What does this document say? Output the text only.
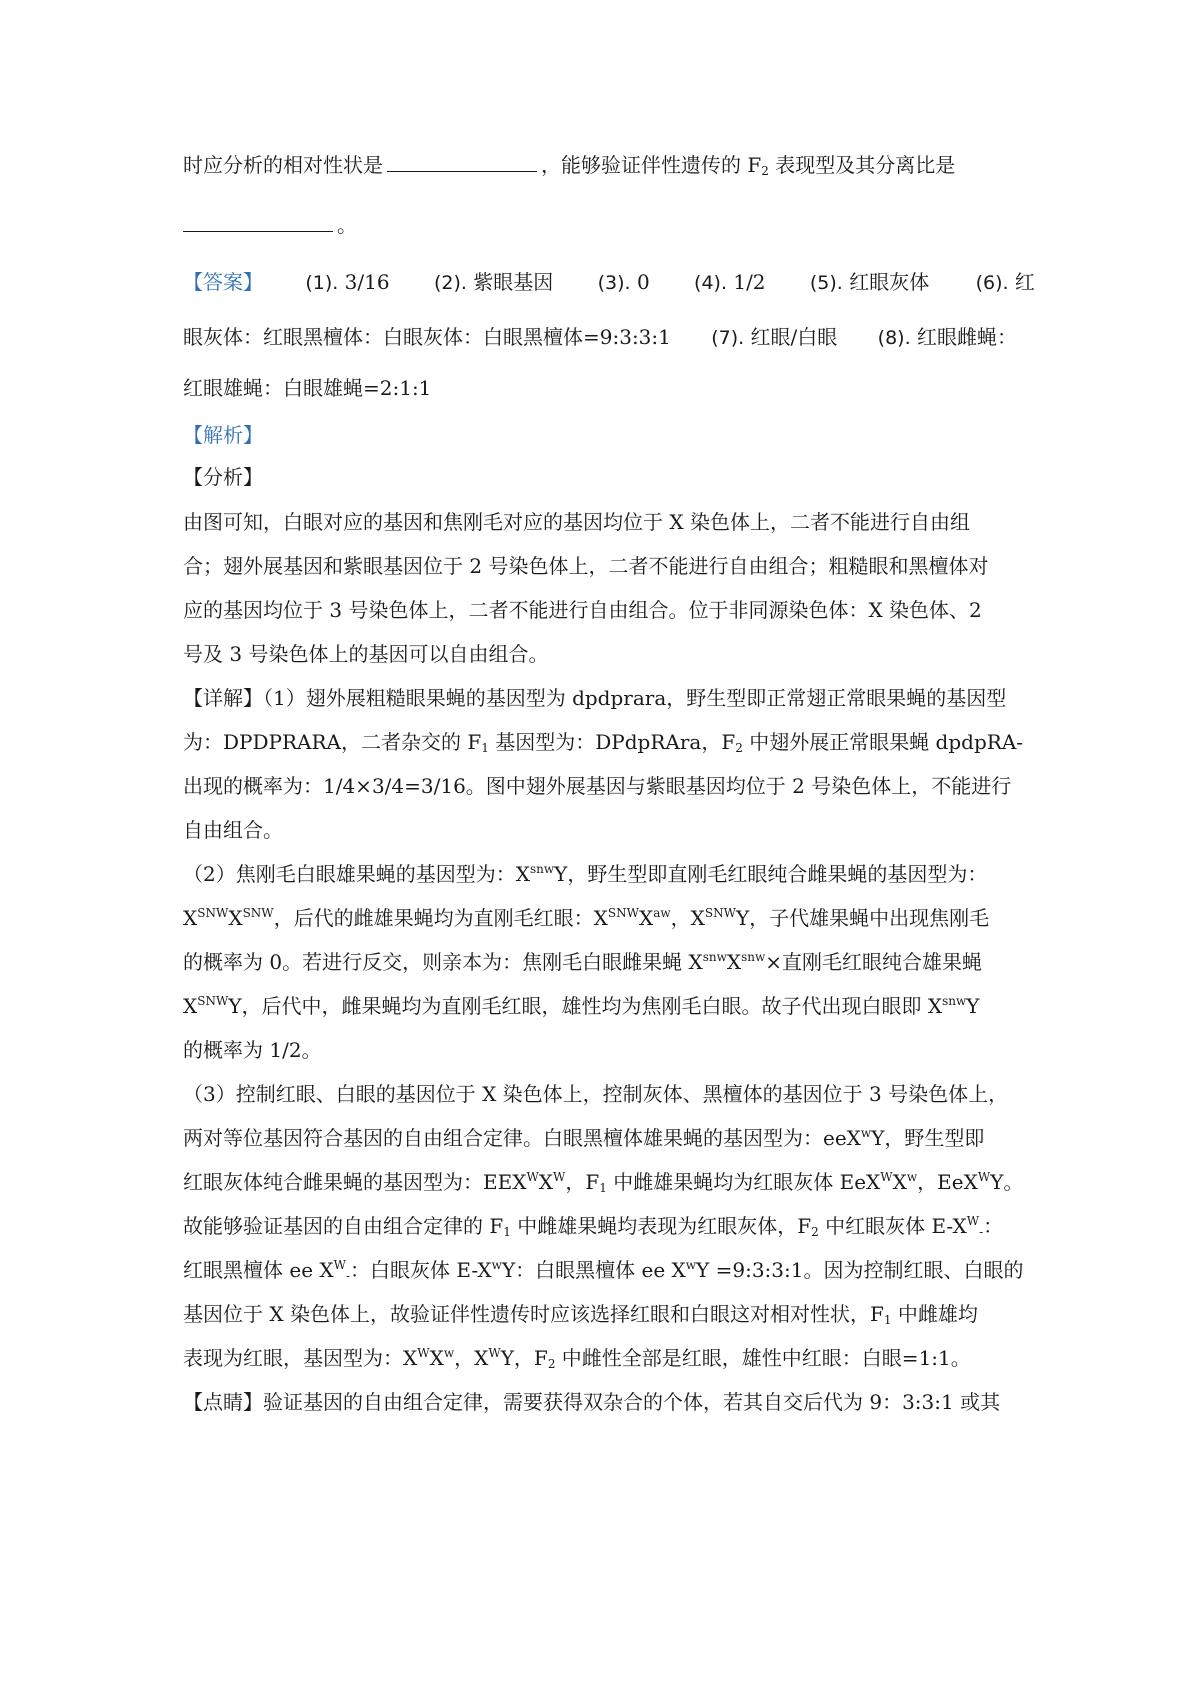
时应分析的相对性状是	，能够验证伴性遗传的 $F_2$ 表现型及其分离比是
。
【答案】 (1). 3/16 (2). 紫眼基因 (3). 0 (4). 1/2 (5). 红眼灰体 (6). 红
眼灰体：红眼黑檀体：白眼灰体：白眼黑檀体=9:3:3:1 (7). 红眼/白眼 (8). 红眼雌蝇：
红眼雄蝇：白眼雄蝇=2:1:1
【解析】
【分析】
由图可知，白眼对应的基因和焦刚毛对应的基因均位于 X 染色体上，二者不能进行自由组
合；翅外展基因和紫眼基因位于 2 号染色体上，二者不能进行自由组合；粗糙眼和黑檀体对
应的基因均位于 3 号染色体上，二者不能进行自由组合。位于非同源染色体：X 染色体、2
号及 3 号染色体上的基因可以自由组合。
【详解】（1）翅外展粗糙眼果蝇的基因型为 dpdprara，野生型即正常翅正常眼果蝇的基因型
为：DPDPRARA，二者杂交的 $F_1$ 基因型为：DPdpRAra，$F_2$ 中翅外展正常眼果蝇 dpdpRA-
出现的概率为：1/4×3/4=3/16。图中翅外展基因与紫眼基因均位于 2 号染色体上，不能进行
自由组合。
（2）焦刚毛白眼雄果蝇的基因型为：$X^{snw}Y$，野生型即直刚毛红眼纯合雌果蝇的基因型为：
$X^{SNW}X^{SNW}$，后代的雌雄果蝇均为直刚毛红眼：$X^{SNW}X^{aw}$，$X^{SNW}Y$，子代雄果蝇中出现焦刚毛
的概率为 0。若进行反交，则亲本为：焦刚毛白眼雌果蝇 $X^{snw}X^{snw}\times$直刚毛红眼纯合雄果蝇
$X^{SNW}Y$，后代中，雌果蝇均为直刚毛红眼，雄性均为焦刚毛白眼。故子代出现白眼即 $X^{snw}Y$
的概率为 1/2。
（3）控制红眼、白眼的基因位于 X 染色体上，控制灰体、黑檀体的基因位于 3 号染色体上，
两对等位基因符合基因的自由组合定律。白眼黑檀体雄果蝇的基因型为：eeX$^w$Y，野生型即
红眼灰体纯合雌果蝇的基因型为：$EEX^WX^W$，$F_1$ 中雌雄果蝇均为红眼灰体 $EeX^WX^w$，EeX$^W$Y。
故能够验证基因的自由组合定律的 $F_1$ 中雌雄果蝇均表现为红眼灰体，$F_2$ 中红眼灰体 $E-X^W_-$：
红眼黑檀体 ee $X^W_-$：白眼灰体 $E-X^wY$：白眼黑檀体 ee $X^wY$ =9:3:3:1。因为控制红眼、白眼的
基因位于 X 染色体上，故验证伴性遗传时应该选择红眼和白眼这对相对性状，$F_1$ 中雌雄均
表现为红眼，基因型为：$X^WX^w$，$X^WY$，$F_2$ 中雌性全部是红眼，雄性中红眼：白眼=1:1。
【点睛】验证基因的自由组合定律，需要获得双杂合的个体，若其自交后代为 9：3:3:1 或其
